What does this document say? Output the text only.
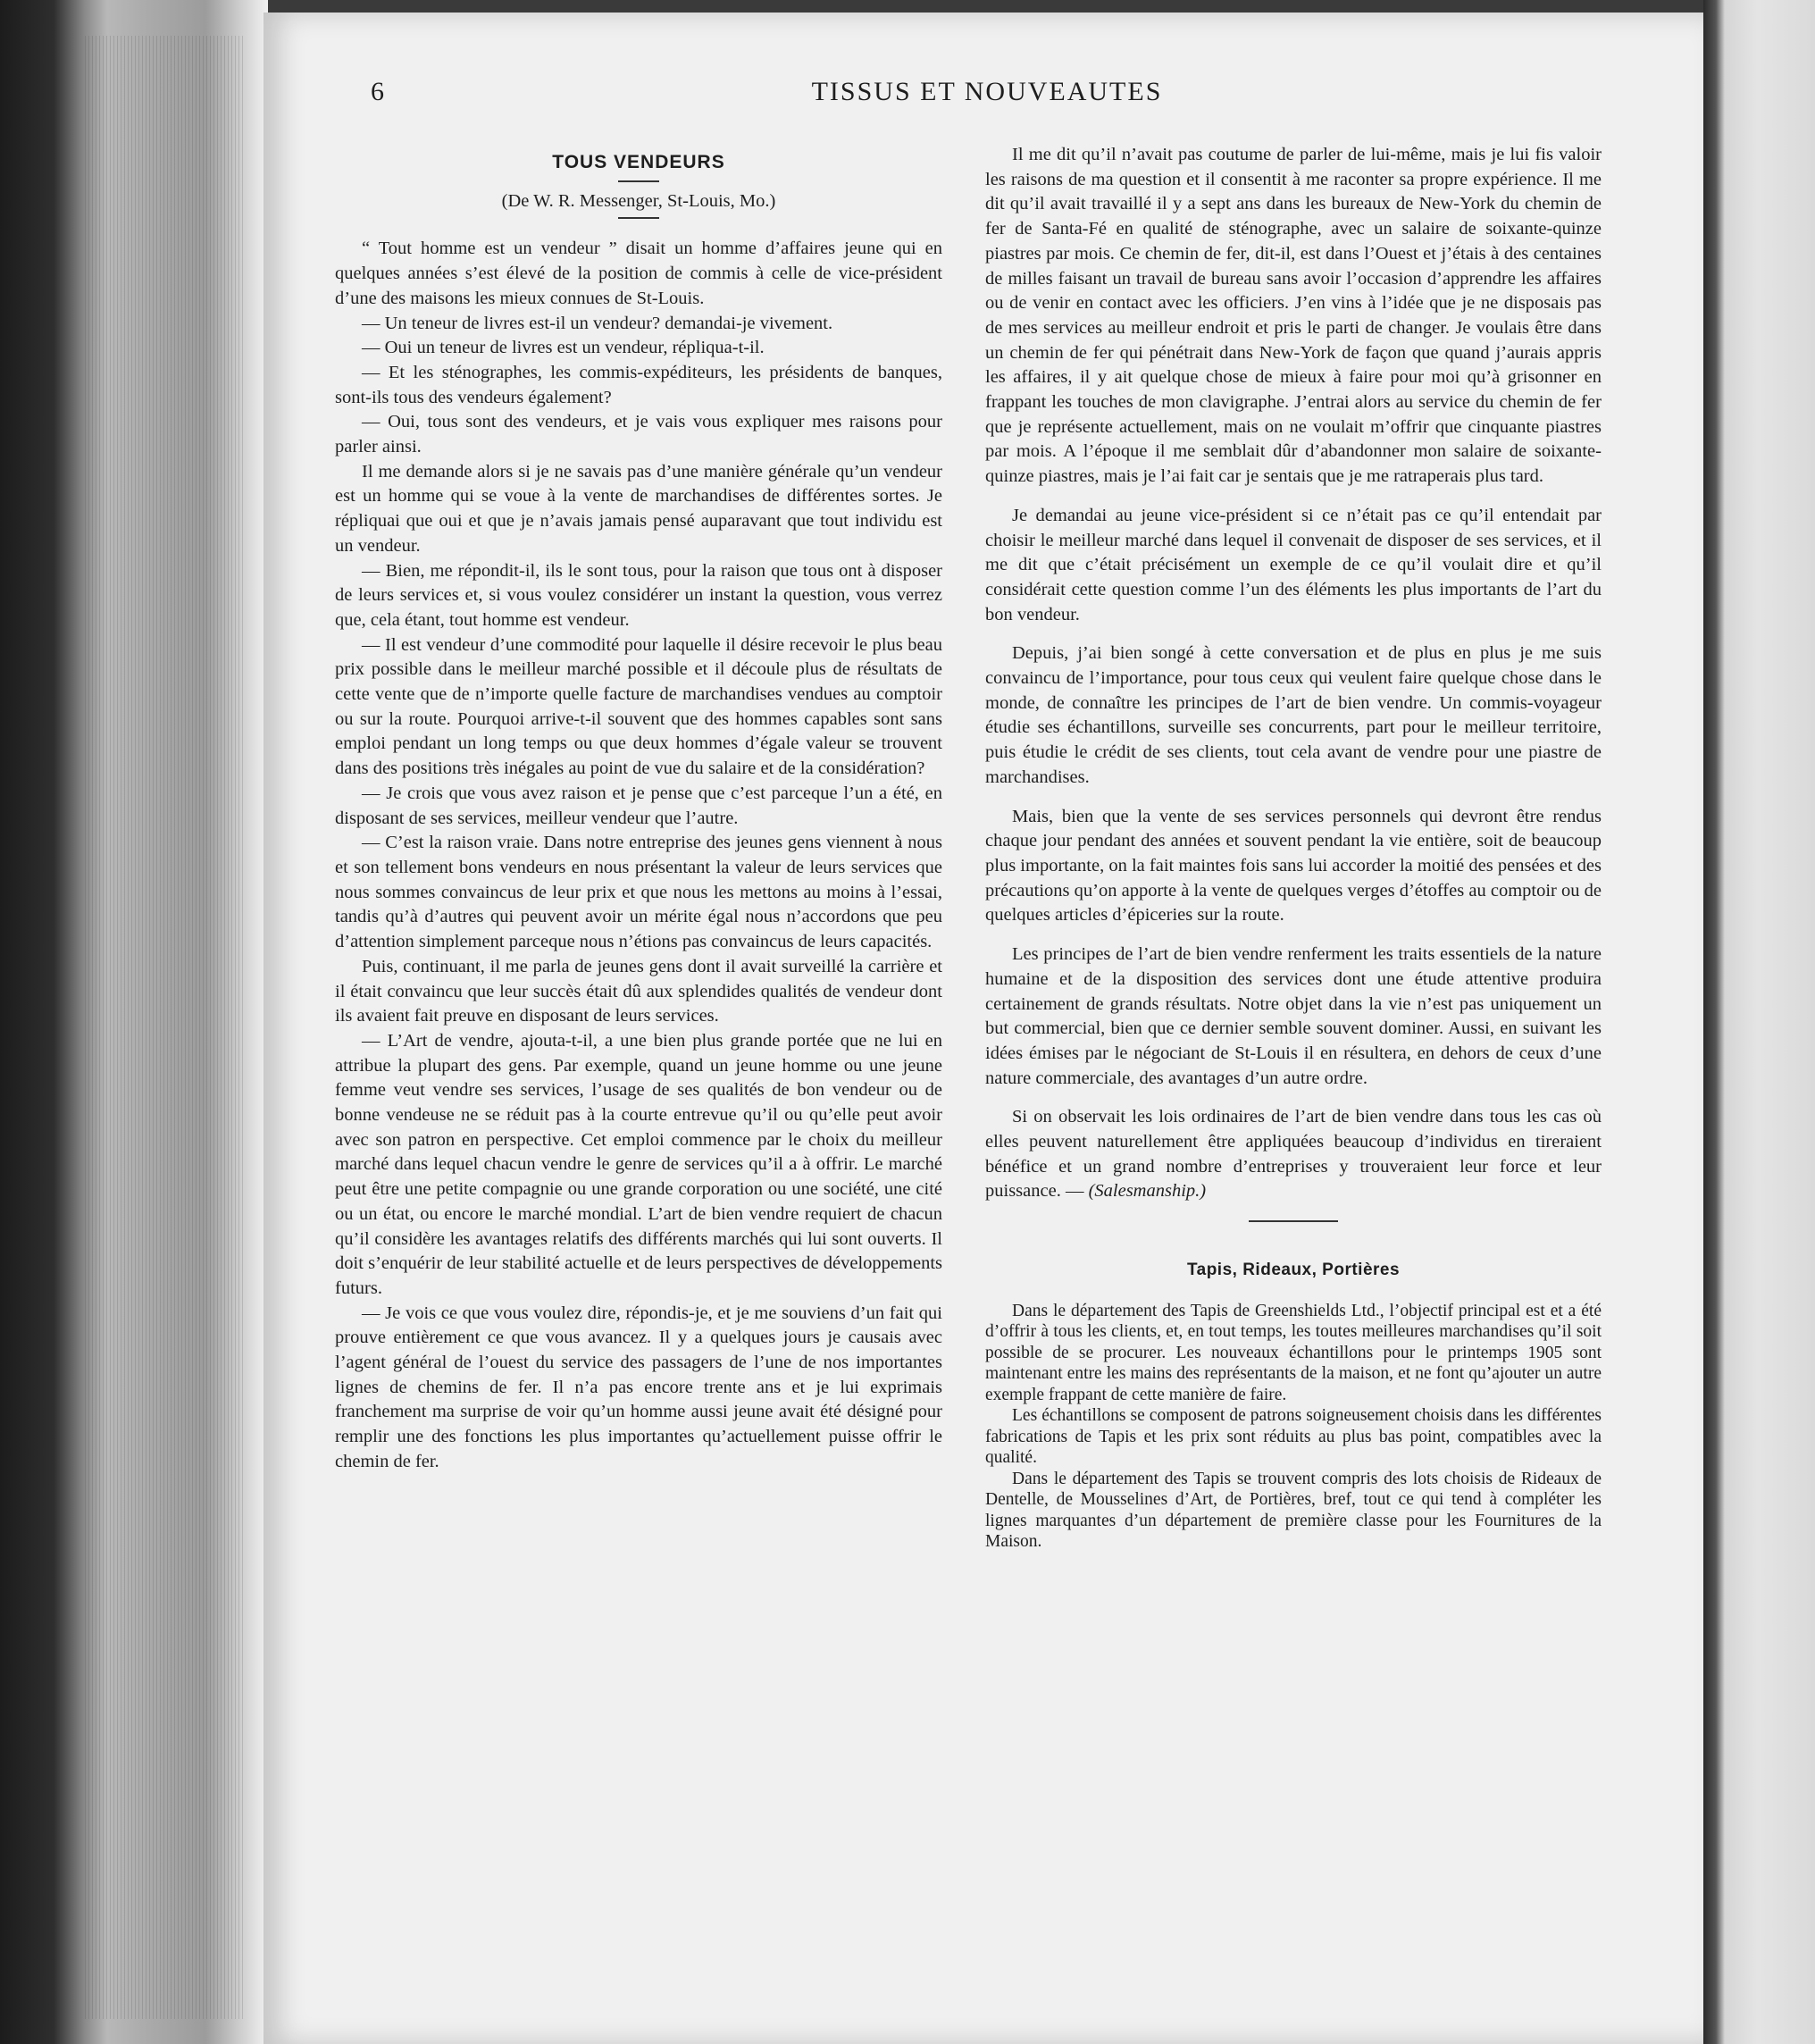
6	TISSUS ET NOUVEAUTES
TOUS VENDEURS
(De W. R. Messenger, St-Louis, Mo.)

“ Tout homme est un vendeur ” disait un homme d’affaires jeune qui en quelques années s’est élevé de la position de commis à celle de vice-président d’une des maisons les mieux connues de St-Louis.

— Un teneur de livres est-il un vendeur? demandai-je vivement.

— Oui un teneur de livres est un vendeur, répliqua-t-il.

— Et les sténographes, les commis-expéditeurs, les présidents de banques, sont-ils tous des vendeurs également?

— Oui, tous sont des vendeurs, et je vais vous expliquer mes raisons pour parler ainsi.

Il me demande alors si je ne savais pas d’une manière générale qu’un vendeur est un homme qui se voue à la vente de marchandises de différentes sortes. Je répliquai que oui et que je n’avais jamais pensé auparavant que tout individu est un vendeur.

— Bien, me répondit-il, ils le sont tous, pour la raison que tous ont à disposer de leurs services et, si vous voulez considérer un instant la question, vous verrez que, cela étant, tout homme est vendeur.

— Il est vendeur d’une commodité pour laquelle il désire recevoir le plus beau prix possible dans le meilleur marché possible et il découle plus de résultats de cette vente que de n’importe quelle facture de marchandises vendues au comptoir ou sur la route. Pourquoi arrive-t-il souvent que des hommes capables sont sans emploi pendant un long temps ou que deux hommes d’égale valeur se trouvent dans des positions très inégales au point de vue du salaire et de la considération?

— Je crois que vous avez raison et je pense que c’est parceque l’un a été, en disposant de ses services, meilleur vendeur que l’autre.

— C’est la raison vraie. Dans notre entreprise des jeunes gens viennent à nous et son tellement bons vendeurs en nous présentant la valeur de leurs services que nous sommes convaincus de leur prix et que nous les mettons au moins à l’essai, tandis qu’à d’autres qui peuvent avoir un mérite égal nous n’accordons que peu d’attention simplement parceque nous n’étions pas convaincus de leurs capacités.

Puis, continuant, il me parla de jeunes gens dont il avait surveillé la carrière et il était convaincu que leur succès était dû aux splendides qualités de vendeur dont ils avaient fait preuve en disposant de leurs services.

— L’Art de vendre, ajouta-t-il, a une bien plus grande portée que ne lui en attribue la plupart des gens. Par exemple, quand un jeune homme ou une jeune femme veut vendre ses services, l’usage de ses qualités de bon vendeur ou de bonne vendeuse ne se réduit pas à la courte entrevue qu’il ou qu’elle peut avoir avec son patron en perspective. Cet emploi commence par le choix du meilleur marché dans lequel chacun vendre le genre de services qu’il a à offrir. Le marché peut être une petite compagnie ou une grande corporation ou une société, une cité ou un état, ou encore le marché mondial. L’art de bien vendre requiert de chacun qu’il considère les avantages relatifs des différents marchés qui lui sont ouverts. Il doit s’enquérir de leur stabilité actuelle et de leurs perspectives de développements futurs.

— Je vois ce que vous voulez dire, répondis-je, et je me souviens d’un fait qui prouve entièrement ce que vous avancez. Il y a quelques jours je causais avec l’agent général de l’ouest du service des passagers de l’une de nos importantes lignes de chemins de fer. Il n’a pas encore trente ans et je lui exprimais franchement ma surprise de voir qu’un homme aussi jeune avait été désigné pour remplir une des fonctions les plus importantes qu’actuellement puisse offrir le chemin de fer.

Il me dit qu’il n’avait pas coutume de parler de lui-même, mais je lui fis valoir les raisons de ma question et il consentit à me raconter sa propre expérience. Il me dit qu’il avait travaillé il y a sept ans dans les bureaux de New-York du chemin de fer de Santa-Fé en qualité de sténographe, avec un salaire de soixante-quinze piastres par mois. Ce chemin de fer, dit-il, est dans l’Ouest et j’étais à des centaines de milles faisant un travail de bureau sans avoir l’occasion d’apprendre les affaires ou de venir en contact avec les officiers. J’en vins à l’idée que je ne disposais pas de mes services au meilleur endroit et pris le parti de changer. Je voulais être dans un chemin de fer qui pénétrait dans New-York de façon que quand j’aurais appris les affaires, il y ait quelque chose de mieux à faire pour moi qu’à grisonner en frappant les touches de mon clavigraphe. J’entrai alors au service du chemin de fer que je représente actuellement, mais on ne voulait m’offrir que cinquante piastres par mois. A l’époque il me semblait dûr d’abandonner mon salaire de soixante-quinze piastres, mais je l’ai fait car je sentais que je me ratraperais plus tard.

Je demandai au jeune vice-président si ce n’était pas ce qu’il entendait par choisir le meilleur marché dans lequel il convenait de disposer de ses services, et il me dit que c’était précisément un exemple de ce qu’il voulait dire et qu’il considérait cette question comme l’un des éléments les plus importants de l’art du bon vendeur.

Depuis, j’ai bien songé à cette conversation et de plus en plus je me suis convaincu de l’importance, pour tous ceux qui veulent faire quelque chose dans le monde, de connaître les principes de l’art de bien vendre. Un commis-voyageur étudie ses échantillons, surveille ses concurrents, part pour le meilleur territoire, puis étudie le crédit de ses clients, tout cela avant de vendre pour une piastre de marchandises.

Mais, bien que la vente de ses services personnels qui devront être rendus chaque jour pendant des années et souvent pendant la vie entière, soit de beaucoup plus importante, on la fait maintes fois sans lui accorder la moitié des pensées et des précautions qu’on apporte à la vente de quelques verges d’étoffes au comptoir ou de quelques articles d’épiceries sur la route.

Les principes de l’art de bien vendre renferment les traits essentiels de la nature humaine et de la disposition des services dont une étude attentive produira certainement de grands résultats. Notre objet dans la vie n’est pas uniquement un but commercial, bien que ce dernier semble souvent dominer. Aussi, en suivant les idées émises par le négociant de St-Louis il en résultera, en dehors de ceux d’une nature commerciale, des avantages d’un autre ordre.

Si on observait les lois ordinaires de l’art de bien vendre dans tous les cas où elles peuvent naturellement être appliquées beaucoup d’individus en tireraient bénéfice et un grand nombre d’entreprises y trouveraient leur force et leur puissance. — (Salesmanship.)

Tapis, Rideaux, Portières

Dans le département des Tapis de Greenshields Ltd., l’objectif principal est et a été d’offrir à tous les clients, et, en tout temps, les toutes meilleures marchandises qu’il soit possible de se procurer. Les nouveaux échantillons pour le printemps 1905 sont maintenant entre les mains des représentants de la maison, et ne font qu’ajouter un autre exemple frappant de cette manière de faire.

Les échantillons se composent de patrons soigneusement choisis dans les différentes fabrications de Tapis et les prix sont réduits au plus bas point, compatibles avec la qualité.

Dans le département des Tapis se trouvent compris des lots choisis de Rideaux de Dentelle, de Mousselines d’Art, de Portières, bref, tout ce qui tend à compléter les lignes marquantes d’un département de première classe pour les Fournitures de la Maison.
